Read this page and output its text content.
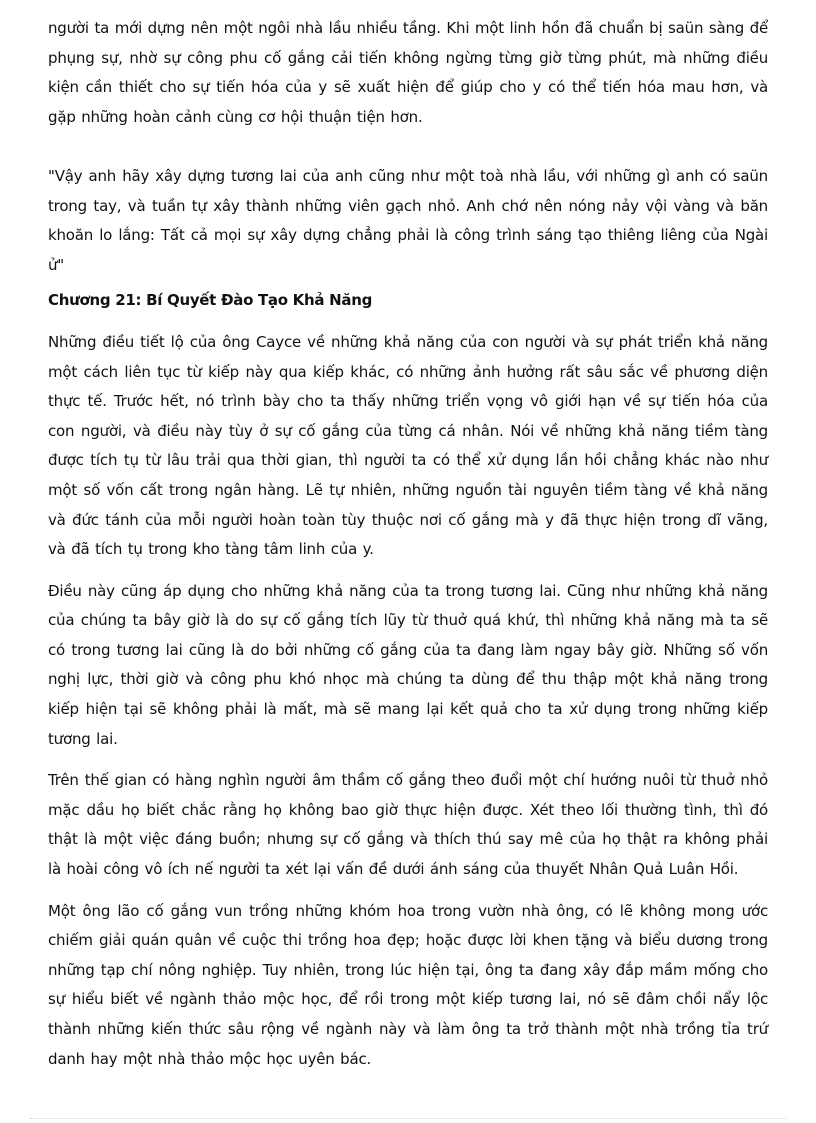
người ta mới dựng nên một ngôi nhà lầu nhiều tầng. Khi một linh hồn đã chuẩn bị saün sàng để phụng sự, nhờ sự công phu cố gắng cải tiến không ngừng từng giờ từng phút, mà những điều kiện cần thiết cho sự tiến hóa của y sẽ xuất hiện để giúp cho y có thể tiến hóa mau hơn, và gặp những hoàn cảnh cùng cơ hội thuận tiện hơn.

"Vậy anh hãy xây dựng tương lai của anh cũng như một toà nhà lầu, với những gì anh có saün trong tay, và tuần tự xây thành những viên gạch nhỏ. Anh chớ nên nóng nảy vội vàng và băn khoăn lo lắng: Tất cả mọi sự xây dựng chẳng phải là công trình sáng tạo thiêng liêng của Ngài ử"

Chương 21: Bí Quyết Đào Tạo Khả Năng

Những điều tiết lộ của ông Cayce về những khả năng của con người và sự phát triển khả năng một cách liên tục từ kiếp này qua kiếp khác, có những ảnh hưởng rất sâu sắc về phương diện thực tế. Trước hết, nó trình bày cho ta thấy những triển vọng vô giới hạn về sự tiến hóa của con người, và điều này tùy ở sự cố gắng của từng cá nhân. Nói về những khả năng tiềm tàng được tích tụ từ lâu trải qua thời gian, thì người ta có thể xử dụng lần hồi chẳng khác nào như một số vốn cất trong ngân hàng. Lẽ tự nhiên, những nguồn tài nguyên tiềm tàng về khả năng và đức tánh của mỗi người hoàn toàn tùy thuộc nơi cố gắng mà y đã thực hiện trong dĩ vãng, và đã tích tụ trong kho tàng tâm linh của y.

Điều này cũng áp dụng cho những khả năng của ta trong tương lai. Cũng như những khả năng của chúng ta bây giờ là do sự cố gắng tích lũy từ thuở quá khứ, thì những khả năng mà ta sẽ có trong tương lai cũng là do bởi những cố gắng của ta đang làm ngay bây giờ. Những số vốn nghị lực, thời giờ và công phu khó nhọc mà chúng ta dùng để thu thập một khả năng trong kiếp hiện tại sẽ không phải là mất, mà sẽ mang lại kết quả cho ta xử dụng trong những kiếp tương lai.

Trên thế gian có hàng nghìn người âm thầm cố gắng theo đuổi một chí hướng nuôi từ thuở nhỏ mặc dầu họ biết chắc rằng họ không bao giờ thực hiện được. Xét theo lối thường tình, thì đó thật là một việc đáng buồn; nhưng sự cố gắng và thích thú say mê của họ thật ra không phải là hoài công vô ích nế người ta xét lại vấn đề dưới ánh sáng của thuyết Nhân Quả Luân Hồi.

Một ông lão cố gắng vun trồng những khóm hoa trong vườn nhà ông, có lẽ không mong ước chiếm giải quán quân về cuộc thi trồng hoa đẹp; hoặc được lời khen tặng và biểu dương trong những tạp chí nông nghiệp. Tuy nhiên, trong lúc hiện tại, ông ta đang xây đắp mầm mống cho sự hiểu biết về ngành thảo mộc học, để rồi trong một kiếp tương lai, nó sẽ đâm chồi nẩy lộc thành những kiến thức sâu rộng về ngành này và làm ông ta trở thành một nhà trồng tỉa trứ danh hay một nhà thảo mộc học uyên bác.
